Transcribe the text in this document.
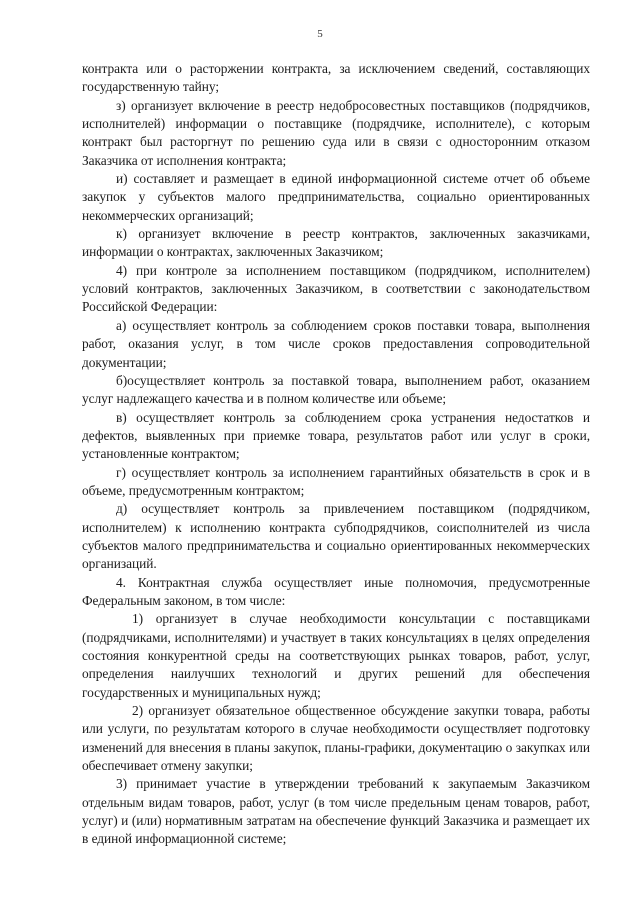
5

контракта или о расторжении контракта, за исключением сведений, составляющих государственную тайну;

з) организует включение в реестр недобросовестных поставщиков (подрядчиков, исполнителей) информации о поставщике (подрядчике, исполнителе), с которым контракт был расторгнут по решению суда или в связи с односторонним отказом Заказчика от исполнения контракта;

и) составляет и размещает в единой информационной системе отчет об объеме закупок у субъектов малого предпринимательства, социально ориентированных некоммерческих организаций;

к) организует включение в реестр контрактов, заключенных заказчиками, информации о контрактах, заключенных Заказчиком;

4) при контроле за исполнением поставщиком (подрядчиком, исполнителем) условий контрактов, заключенных Заказчиком, в соответствии с законодательством Российской Федерации:

а) осуществляет контроль за соблюдением сроков поставки товара, выполнения работ, оказания услуг, в том числе сроков предоставления сопроводительной документации;

б)осуществляет контроль за поставкой товара, выполнением работ, оказанием услуг надлежащего качества и в полном количестве или объеме;

в) осуществляет контроль за соблюдением срока устранения недостатков и дефектов, выявленных при приемке товара, результатов работ или услуг в сроки, установленные контрактом;

г) осуществляет контроль за исполнением гарантийных обязательств в срок и в объеме, предусмотренным контрактом;

д) осуществляет контроль за привлечением поставщиком (подрядчиком, исполнителем) к исполнению контракта субподрядчиков, соисполнителей из числа субъектов малого предпринимательства и социально ориентированных некоммерческих организаций.

4. Контрактная служба осуществляет иные полномочия, предусмотренные Федеральным законом, в том числе:

1) организует в случае необходимости консультации с поставщиками (подрядчиками, исполнителями) и участвует в таких консультациях в целях определения состояния конкурентной среды на соответствующих рынках товаров, работ, услуг, определения наилучших технологий и других решений для обеспечения государственных и муниципальных нужд;

2) организует обязательное общественное обсуждение закупки товара, работы или услуги, по результатам которого в случае необходимости осуществляет подготовку изменений для внесения в планы закупок, планы-графики, документацию о закупках или обеспечивает отмену закупки;

3) принимает участие в утверждении требований к закупаемым Заказчиком отдельным видам товаров, работ, услуг (в том числе предельным ценам товаров, работ, услуг) и (или) нормативным затратам на обеспечение функций Заказчика и размещает их в единой информационной системе;
